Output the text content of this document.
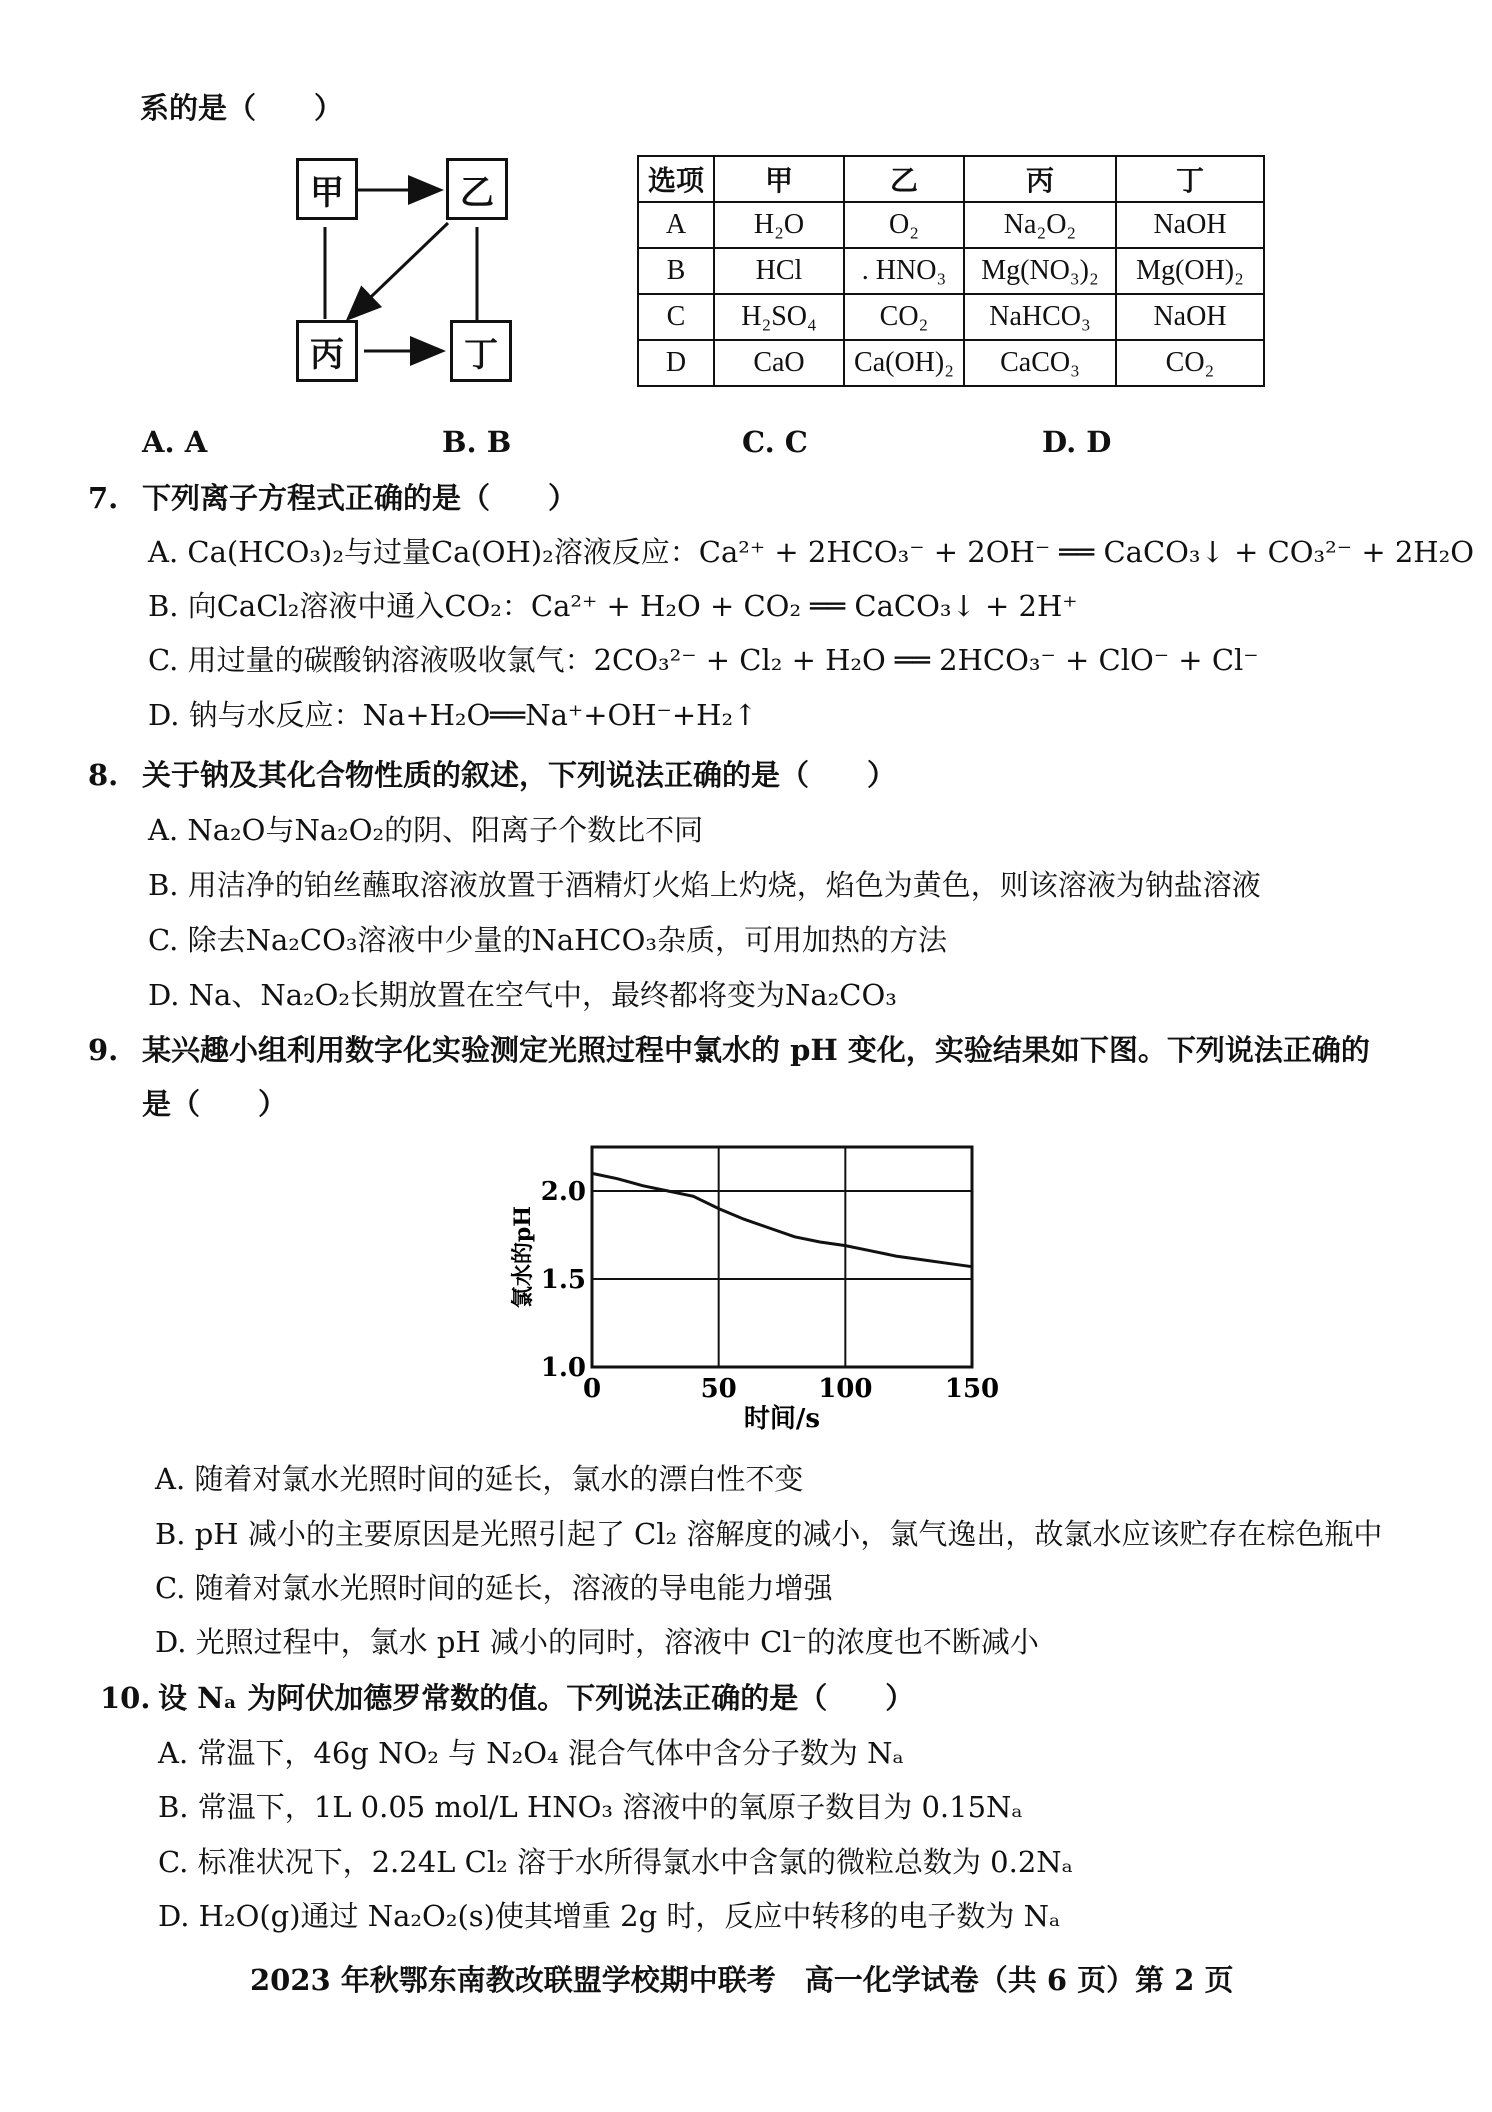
系的是（　　）
甲	乙
丙	丁
选项	甲	乙	丙	丁
A	H₂O	O₂	Na₂O₂	NaOH
B	HCl	. HNO₃	Mg(NO₃)₂	Mg(OH)₂
C	H₂SO₄	CO₂	NaHCO₃	NaOH
D	CaO	Ca(OH)₂	CaCO₃	CO₂
A. A	B. B	C. C	D. D
7. 下列离子方程式正确的是（　　）
A. Ca(HCO₃)₂与过量Ca(OH)₂溶液反应：Ca²⁺ + 2HCO₃⁻ + 2OH⁻ ══ CaCO₃↓ + CO₃²⁻ + 2H₂O
B. 向CaCl₂溶液中通入CO₂：Ca²⁺ + H₂O + CO₂ ══ CaCO₃↓ + 2H⁺
C. 用过量的碳酸钠溶液吸收氯气：2CO₃²⁻ + Cl₂ + H₂O ══ 2HCO₃⁻ + ClO⁻ + Cl⁻
D. 钠与水反应：Na+H₂O══Na⁺+OH⁻+H₂↑
8. 关于钠及其化合物性质的叙述，下列说法正确的是（　　）
A. Na₂O与Na₂O₂的阴、阳离子个数比不同
B. 用洁净的铂丝蘸取溶液放置于酒精灯火焰上灼烧，焰色为黄色，则该溶液为钠盐溶液
C. 除去Na₂CO₃溶液中少量的NaHCO₃杂质，可用加热的方法
D. Na、Na₂O₂长期放置在空气中，最终都将变为Na₂CO₃
9. 某兴趣小组利用数字化实验测定光照过程中氯水的 pH 变化，实验结果如下图。下列说法正确的
是（　　）
0	50	100	150
1.0
1.5
2.0
氯水的pH
时间/s
A. 随着对氯水光照时间的延长，氯水的漂白性不变
B. pH 减小的主要原因是光照引起了 Cl₂ 溶解度的减小，氯气逸出，故氯水应该贮存在棕色瓶中
C. 随着对氯水光照时间的延长，溶液的导电能力增强
D. 光照过程中，氯水 pH 减小的同时，溶液中 Cl⁻的浓度也不断减小
10. 设 Nₐ 为阿伏加德罗常数的值。下列说法正确的是（　　）
A. 常温下，46g NO₂ 与 N₂O₄ 混合气体中含分子数为 Nₐ
B. 常温下，1L 0.05 mol/L HNO₃ 溶液中的氧原子数目为 0.15Nₐ
C. 标准状况下，2.24L Cl₂ 溶于水所得氯水中含氯的微粒总数为 0.2Nₐ
D. H₂O(g)通过 Na₂O₂(s)使其增重 2g 时，反应中转移的电子数为 Nₐ
2023 年秋鄂东南教改联盟学校期中联考　高一化学试卷（共 6 页）第 2 页
